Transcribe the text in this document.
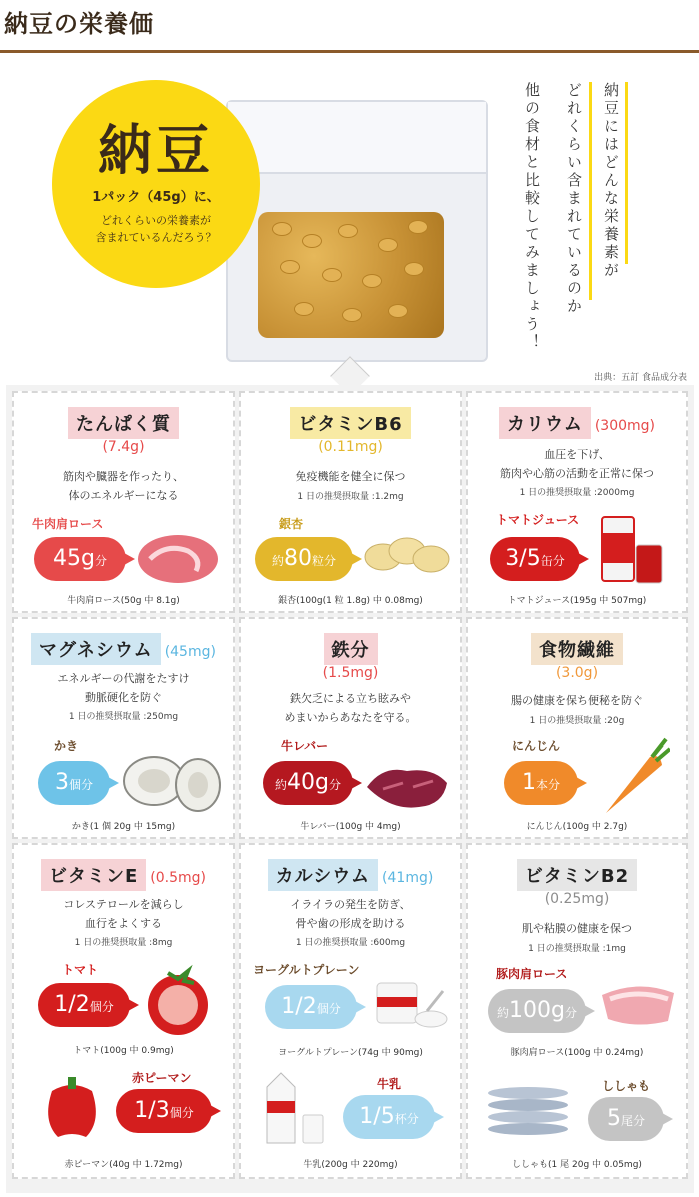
納豆の栄養価
納豆
1パック（45g）に、
どれくらいの栄養素が
含まれているんだろう？	納豆にはどんな栄養素が
どれくらい含まれているのか
他の食材と比較してみましょう！
出典：五訂 食品成分表
たんぱく質
(7.4g)
筋肉や臓器を作ったり、
体のエネルギーになる
牛肉肩ロース
45g分
牛肉肩ロース(50g 中 8.1g)
ビタミンB6
(0.11mg)
免疫機能を健全に保つ
1 日の推奨摂取量 :1.2mg
銀杏
約80粒分
銀杏(100g(1 粒 1.8g) 中 0.08mg)
カリウム (300mg)
血圧を下げ、
筋肉や心筋の活動を正常に保つ
1 日の推奨摂取量 :2000mg
トマトジュース
3/5缶分
トマトジュース(195g 中 507mg)
マグネシウム (45mg)
エネルギーの代謝をたすけ
動脈硬化を防ぐ
1 日の推奨摂取量 :250mg
かき
3個分
かき(1 個 20g 中 15mg)
鉄分
(1.5mg)
鉄欠乏による立ち眩みや
めまいからあなたを守る。
牛レバー
約40g分
牛レバー(100g 中 4mg)
食物繊維
(3.0g)
腸の健康を保ち便秘を防ぐ
1 日の推奨摂取量 :20g
にんじん
1本分
にんじん(100g 中 2.7g)
ビタミンE (0.5mg)
コレステロールを減らし
血行をよくする
1 日の推奨摂取量 :8mg
トマト
1/2個分
トマト(100g 中 0.9mg)
赤ピーマン
1/3個分
赤ピーマン(40g 中 1.72mg)
カルシウム (41mg)
イライラの発生を防ぎ、
骨や歯の形成を助ける
1 日の推奨摂取量 :600mg
ヨーグルトプレーン
1/2個分
ヨーグルトプレーン(74g 中 90mg)
牛乳
1/5杯分
牛乳(200g 中 220mg)
ビタミンB2
(0.25mg)
肌や粘膜の健康を保つ
1 日の推奨摂取量 :1mg
豚肉肩ロース
約100g分
豚肉肩ロース(100g 中 0.24mg)
ししゃも
5尾分
ししゃも(1 尾 20g 中 0.05mg)
